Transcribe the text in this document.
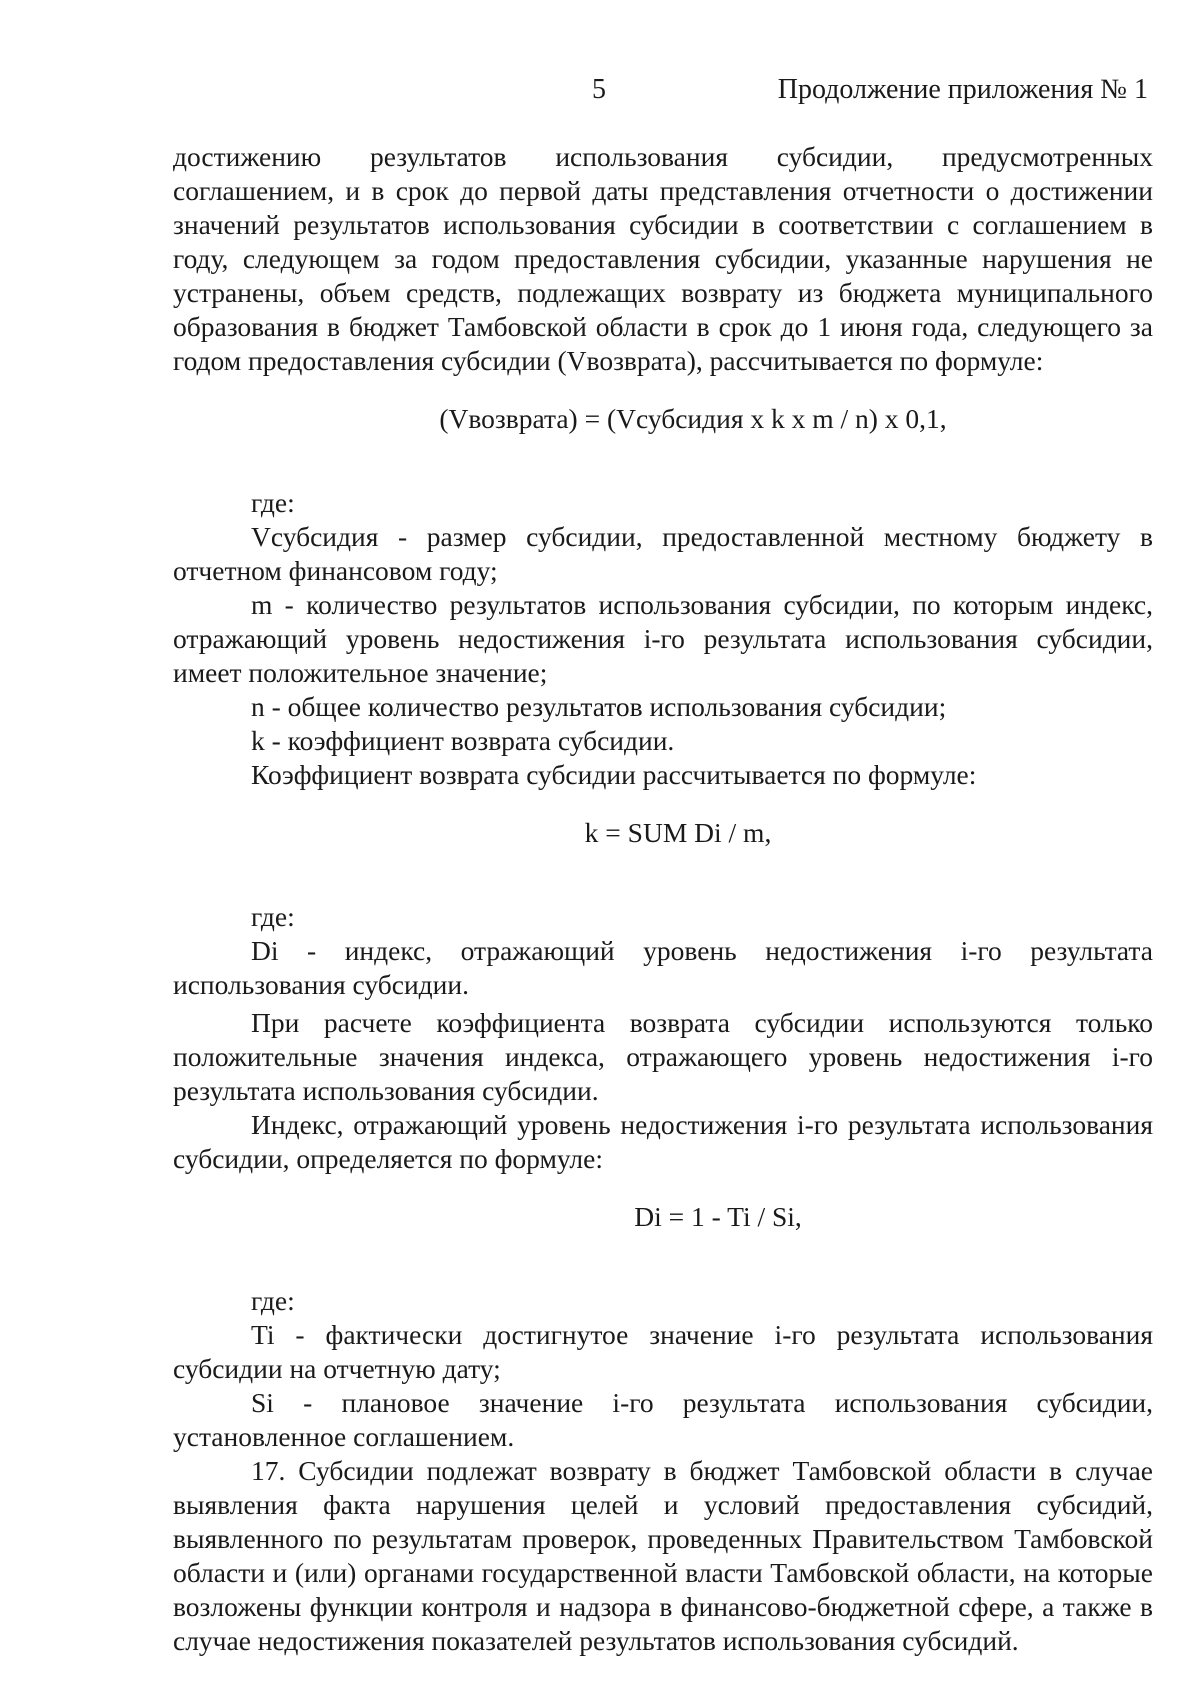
5	Продолжение приложения № 1

достижению результатов использования субсидии, предусмотренных соглашением, и в срок до первой даты представления отчетности о достижении значений результатов использования субсидии в соответствии с соглашением в году, следующем за годом предоставления субсидии, указанные нарушения не устранены, объем средств, подлежащих возврату из бюджета муниципального образования в бюджет Тамбовской области в срок до 1 июня года, следующего за годом предоставления субсидии (Vвозврата), рассчитывается по формуле:

(Vвозврата) = (Vсубсидия x k x m / n) x 0,1,

где:

Vсубсидия - размер субсидии, предоставленной местному бюджету в отчетном финансовом году;

m - количество результатов использования субсидии, по которым индекс, отражающий уровень недостижения i-го результата использования субсидии, имеет положительное значение;

n - общее количество результатов использования субсидии;

k - коэффициент возврата субсидии.

Коэффициент возврата субсидии рассчитывается по формуле:

k = SUM Di / m,

где:

Di - индекс, отражающий уровень недостижения i-го результата использования субсидии.

При расчете коэффициента возврата субсидии используются только положительные значения индекса, отражающего уровень недостижения i-го результата использования субсидии.

Индекс, отражающий уровень недостижения i-го результата использования субсидии, определяется по формуле:

Di = 1 - Ti / Si,

где:

Ti - фактически достигнутое значение i-го результата использования субсидии на отчетную дату;

Si - плановое значение i-го результата использования субсидии, установленное соглашением.

17. Субсидии подлежат возврату в бюджет Тамбовской области в случае выявления факта нарушения целей и условий предоставления субсидий, выявленного по результатам проверок, проведенных Правительством Тамбовской области и (или) органами государственной власти Тамбовской области, на которые возложены функции контроля и надзора в финансово-бюджетной сфере, а также в случае недостижения показателей результатов использования субсидий.
